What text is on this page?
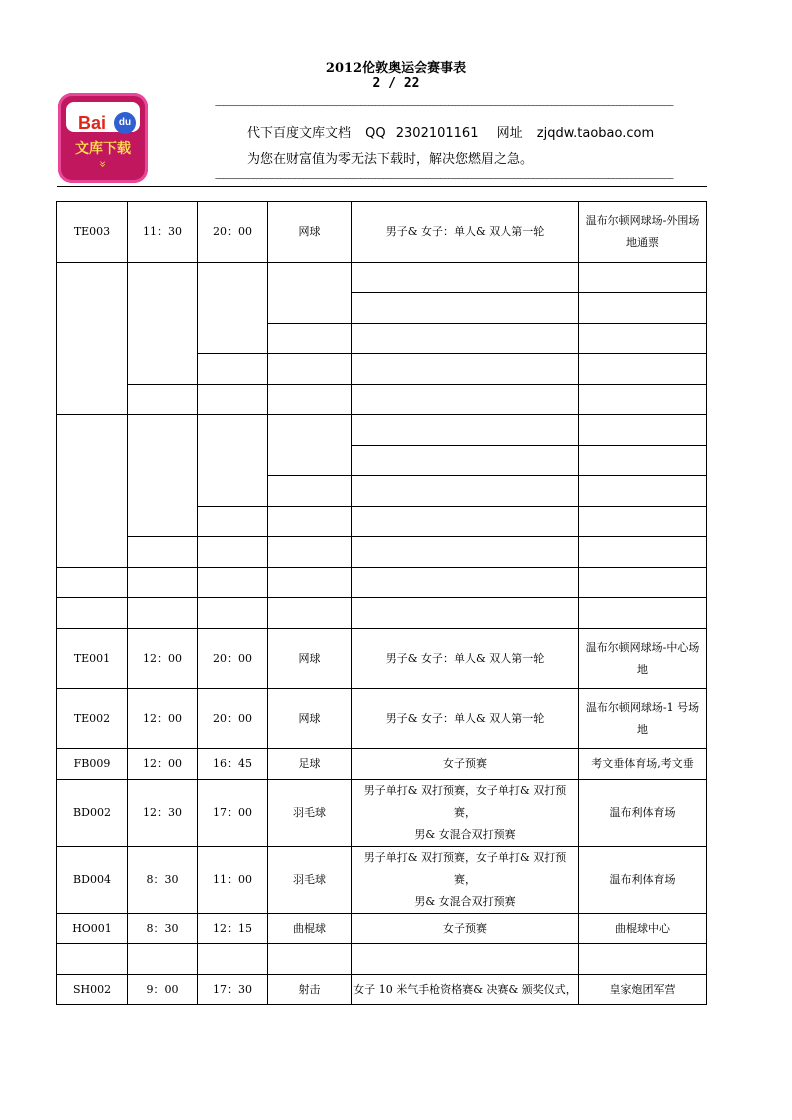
2012伦敦奥运会赛事表
2 / 22
Bai	du
文库下载
»
~~~~~~~~~~~~~~~~~~~~~~~~~~~~~~~~~~~~~~~~~~~~~~~~~~~~~~~~~~~~~~~~~~~~~~~~~~~~~~~~~~~~~~~~~~~~~~~~~~~~~~~~~~~~~~~~~~~~~~~~
代下百度文库文档 QQ 2302101161 网址 zjqdw.taobao.com
为您在财富值为零无法下载时，解决您燃眉之急。
~~~~~~~~~~~~~~~~~~~~~~~~~~~~~~~~~~~~~~~~~~~~~~~~~~~~~~~~~~~~~~~~~~~~~~~~~~~~~~~~~~~~~~~~~~~~~~~~~~~~~~~~~~~~~~~~~~~~~~~~
TE003	11：30	20：00	网球	男子& 女子：单人& 双人第一轮	温布尔顿网球场-外围场
地通票

TE001	12：00	20：00	网球	男子& 女子：单人& 双人第一轮	温布尔顿网球场-中心场
地

TE002	12：00	20：00	网球	男子& 女子：单人& 双人第一轮	温布尔顿网球场-1 号场
地

FB009	12：00	16：45	足球	女子预赛	考文垂体育场,考文垂
BD002	12：30	17：00	羽毛球	男子单打& 双打预赛，女子单打& 双打预赛，
男& 女混合双打预赛	温布利体育场
BD004	8：30	11：00	羽毛球	男子单打& 双打预赛，女子单打& 双打预赛，
男& 女混合双打预赛	温布利体育场
HO001	8：30	12：15	曲棍球	女子预赛	曲棍球中心

SH002	9：00	17：30	射击	女子 10 米气手枪资格赛& 决赛& 颁奖仪式，	皇家炮团军营
